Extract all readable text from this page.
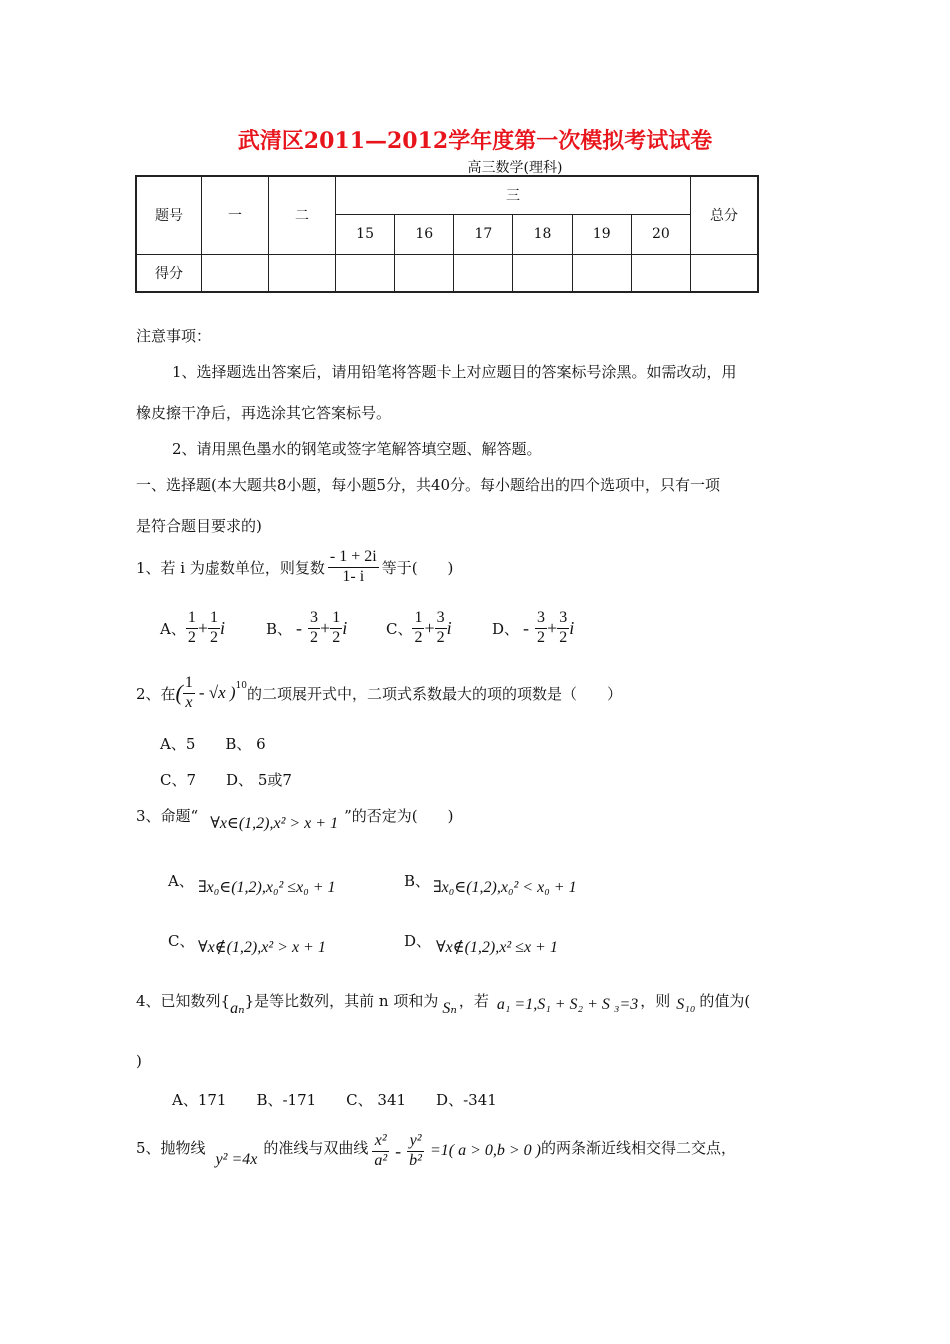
武清区2011—2012学年度第一次模拟考试试卷
高三数学(理科)
题号	一	二	三						总分
			15	16	17	18	19	20	
得分									
注意事项：
1、选择题选出答案后，请用铅笔将答题卡上对应题目的答案标号涂黑。如需改动，用
橡皮擦干净后，再选涂其它答案标号。
2、请用黑色墨水的钢笔或签字笔解答填空题、解答题。
一、选择题(本大题共8小题，每小题5分，共40分。每小题给出的四个选项中，只有一项
是符合题目要求的)
1、若 i 为虚数单位，则复数 $\frac{- 1 + 2i}{1- i}$ 等于(　　)
A、 $\frac{1}{2} + \frac{1}{2}$ i	B、 - $\frac{3}{2} + \frac{1}{2}$ i	C、 $\frac{1}{2} + \frac{3}{2}$ i	D、 - $\frac{3}{2} + \frac{3}{2}$ i
2、在 ( $\frac{1}{x} - √x$ )$^{10}$ 的二项展开式中，二项式系数最大的项的项数是（　　）
A、5　　B、 6
C、7　　D、 5或7
3、命题“ ∀x∈(1,2),x² > x + 1 ”的否定为(　　)
A、 ∃x₀∈(1,2),x₀² ≤x₀ + 1	B、 ∃x₀∈(1,2),x₀² < x₀ + 1
C、 ∀x∉(1,2),x² > x + 1	D、 ∀x∉(1,2),x² ≤x + 1
4、已知数列{ aₙ }是等比数列，其前 n 项和为 Sₙ ，若 a₁ =1,S₁ + S₂ + S ₃=3 ，则 S₁₀ 的值为(
)
A、171　　B、-171　　C、 341　　D、-341
5、抛物线
y² =4x
的准线与双曲线 $\frac{\text{x²}}{\text{a²}} - \frac{\text{y²}}{\text{b²}} =1$( a > 0,b > 0 ) 的两条渐近线相交得二交点，
